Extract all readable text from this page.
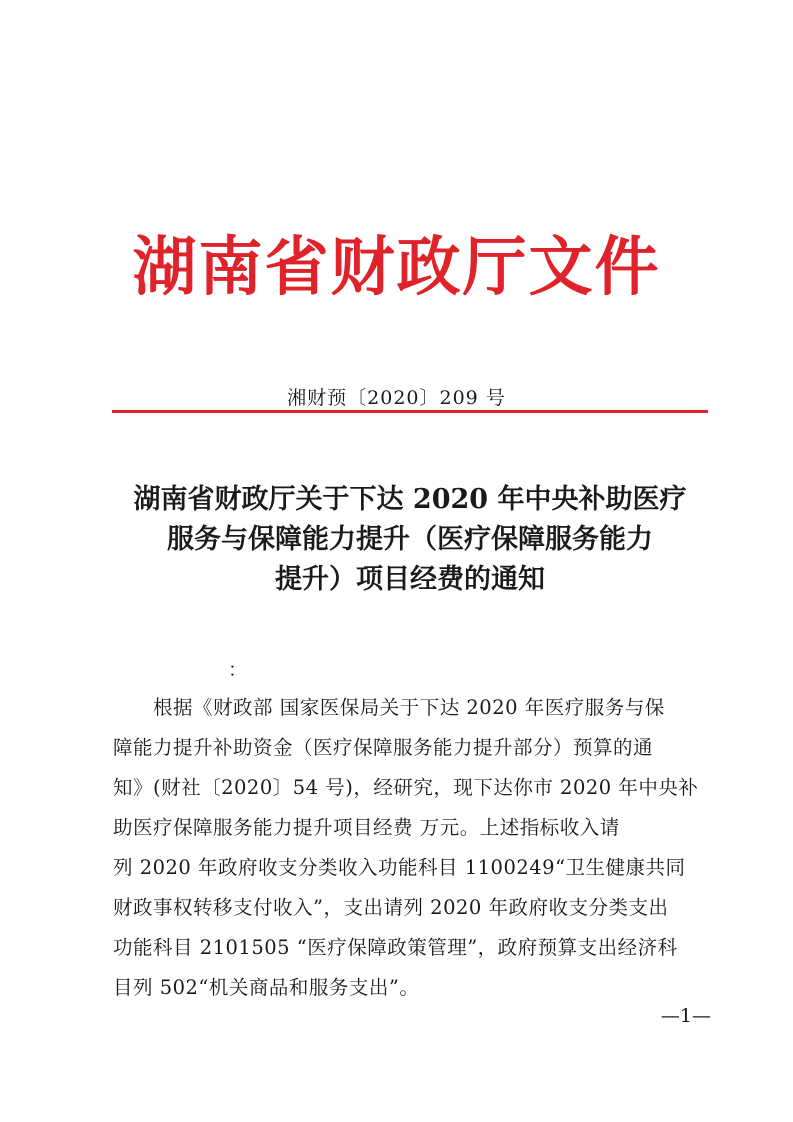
湖南省财政厅文件
湘财预〔2020〕209 号
湖南省财政厅关于下达 2020 年中央补助医疗
服务与保障能力提升（医疗保障服务能力
提升）项目经费的通知
：
根据《财政部 国家医保局关于下达 2020 年医疗服务与保
障能力提升补助资金（医疗保障服务能力提升部分）预算的通
知》(财社〔2020〕54 号)，经研究，现下达你市 2020 年中央补
助医疗保障服务能力提升项目经费 万元。上述指标收入请
列 2020 年政府收支分类收入功能科目 1100249“卫生健康共同
财政事权转移支付收入”，支出请列 2020 年政府收支分类支出
功能科目 2101505 “医疗保障政策管理”，政府预算支出经济科
目列 502“机关商品和服务支出”。
—1—
